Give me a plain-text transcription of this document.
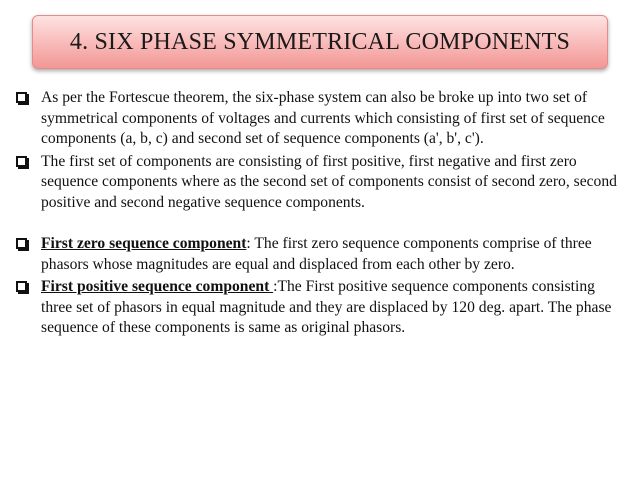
4. SIX PHASE SYMMETRICAL COMPONENTS

As per the Fortescue theorem, the six-phase system can also be broke up into two set of symmetrical components of voltages and currents which consisting of first set of sequence components (a, b, c) and second set of sequence components (a', b', c').

The first set of components are consisting of first positive, first negative and first zero sequence components where as the second set of components consist of second zero, second positive and second negative sequence components.

First zero sequence component: The first zero sequence components comprise of three phasors whose magnitudes are equal and displaced from each other by zero.

First positive sequence component :The First positive sequence components consisting three set of phasors in equal magnitude and they are displaced by 120 deg. apart. The phase sequence of these components is same as original phasors.
